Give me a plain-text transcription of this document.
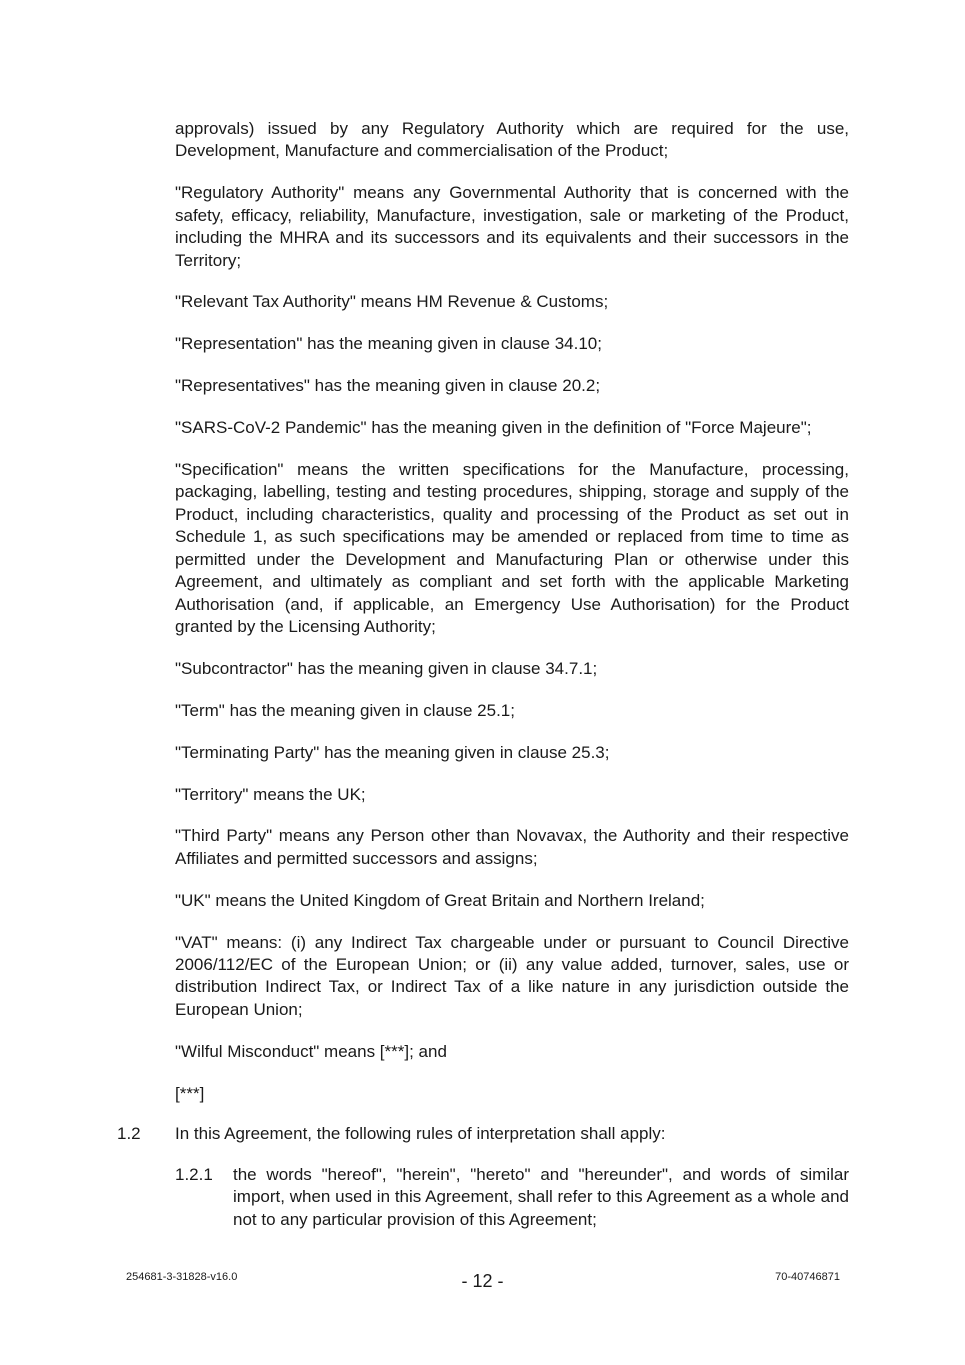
approvals) issued by any Regulatory Authority which are required for the use, Development, Manufacture and commercialisation of the Product;

"Regulatory Authority" means any Governmental Authority that is concerned with the safety, efficacy, reliability, Manufacture, investigation, sale or marketing of the Product, including the MHRA and its successors and its equivalents and their successors in the Territory;

"Relevant Tax Authority" means HM Revenue & Customs;

"Representation" has the meaning given in clause 34.10;

"Representatives" has the meaning given in clause 20.2;

"SARS-CoV-2 Pandemic" has the meaning given in the definition of "Force Majeure";

"Specification" means the written specifications for the Manufacture, processing, packaging, labelling, testing and testing procedures, shipping, storage and supply of the Product, including characteristics, quality and processing of the Product as set out in Schedule 1, as such specifications may be amended or replaced from time to time as permitted under the Development and Manufacturing Plan or otherwise under this Agreement, and ultimately as compliant and set forth with the applicable Marketing Authorisation (and, if applicable, an Emergency Use Authorisation) for the Product granted by the Licensing Authority;

"Subcontractor" has the meaning given in clause 34.7.1;

"Term" has the meaning given in clause 25.1;

"Terminating Party" has the meaning given in clause 25.3;

"Territory" means the UK;

"Third Party" means any Person other than Novavax, the Authority and their respective Affiliates and permitted successors and assigns;

"UK" means the United Kingdom of Great Britain and Northern Ireland;

"VAT" means: (i) any Indirect Tax chargeable under or pursuant to Council Directive 2006/112/EC of the European Union; or (ii) any value added, turnover, sales, use or distribution Indirect Tax, or Indirect Tax of a like nature in any jurisdiction outside the European Union;

"Wilful Misconduct" means [***]; and

[***]

1.2 In this Agreement, the following rules of interpretation shall apply:
1.2.1 the words "hereof", "herein", "hereto" and "hereunder", and words of similar import, when used in this Agreement, shall refer to this Agreement as a whole and not to any particular provision of this Agreement;
254681-3-31828-v16.0	- 12 -	70-40746871
